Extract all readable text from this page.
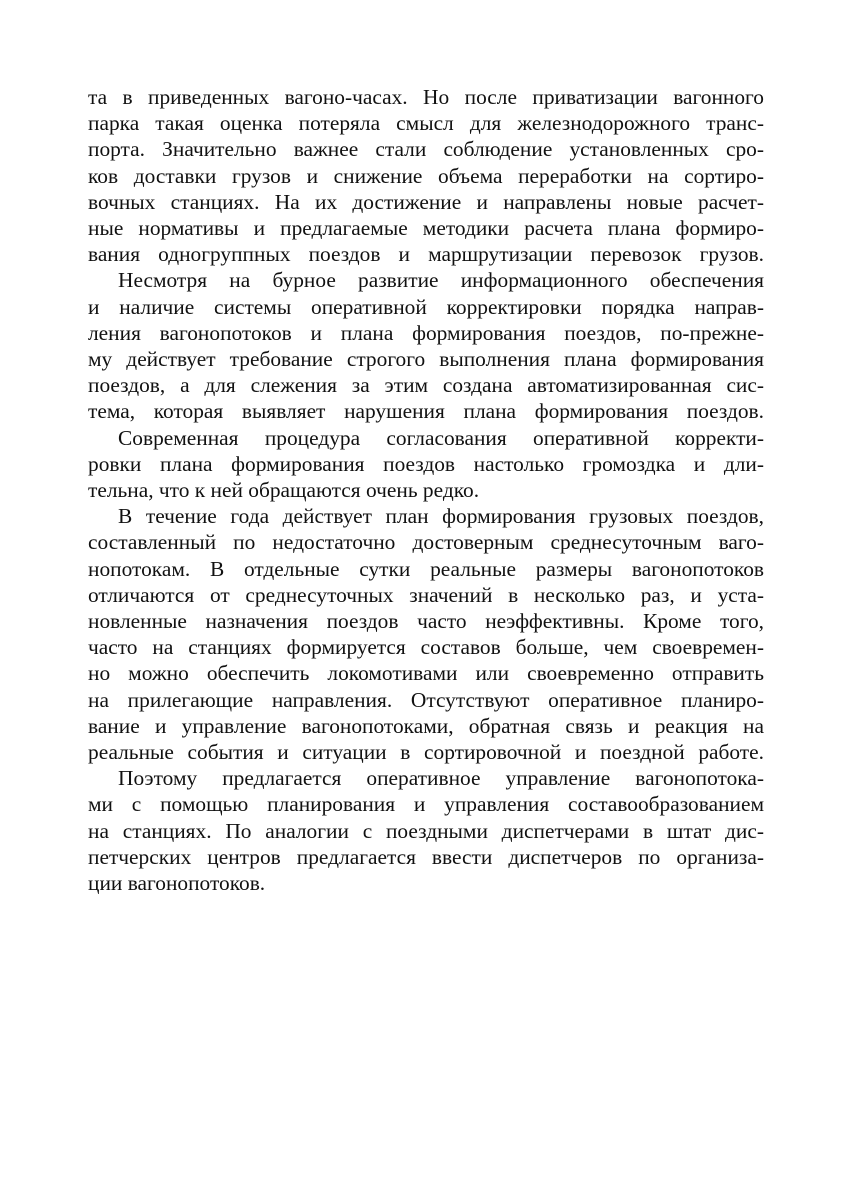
та в приведенных вагоно-часах. Но после приватизации вагонного
парка такая оценка потеряла смысл для железнодорожного транс-
порта. Значительно важнее стали соблюдение установленных сро-
ков доставки грузов и снижение объема переработки на сортиро-
вочных станциях. На их достижение и направлены новые расчет-
ные нормативы и предлагаемые методики расчета плана формиро-
вания одногруппных поездов и маршрутизации перевозок грузов.
Несмотря на бурное развитие информационного обеспечения
и наличие системы оперативной корректировки порядка направ-
ления вагонопотоков и плана формирования поездов, по-прежне-
му действует требование строгого выполнения плана формирования
поездов, а для слежения за этим создана автоматизированная сис-
тема, которая выявляет нарушения плана формирования поездов.
Современная процедура согласования оперативной корректи-
ровки плана формирования поездов настолько громоздка и дли-
тельна, что к ней обращаются очень редко.
В течение года действует план формирования грузовых поездов,
составленный по недостаточно достоверным среднесуточным ваго-
нопотокам. В отдельные сутки реальные размеры вагонопотоков
отличаются от среднесуточных значений в несколько раз, и уста-
новленные назначения поездов часто неэффективны. Кроме того,
часто на станциях формируется составов больше, чем своевремен-
но можно обеспечить локомотивами или своевременно отправить
на прилегающие направления. Отсутствуют оперативное планиро-
вание и управление вагонопотоками, обратная связь и реакция на
реальные события и ситуации в сортировочной и поездной работе.
Поэтому предлагается оперативное управление вагонопотока-
ми с помощью планирования и управления составообразованием
на станциях. По аналогии с поездными диспетчерами в штат дис-
петчерских центров предлагается ввести диспетчеров по организа-
ции вагонопотоков.
